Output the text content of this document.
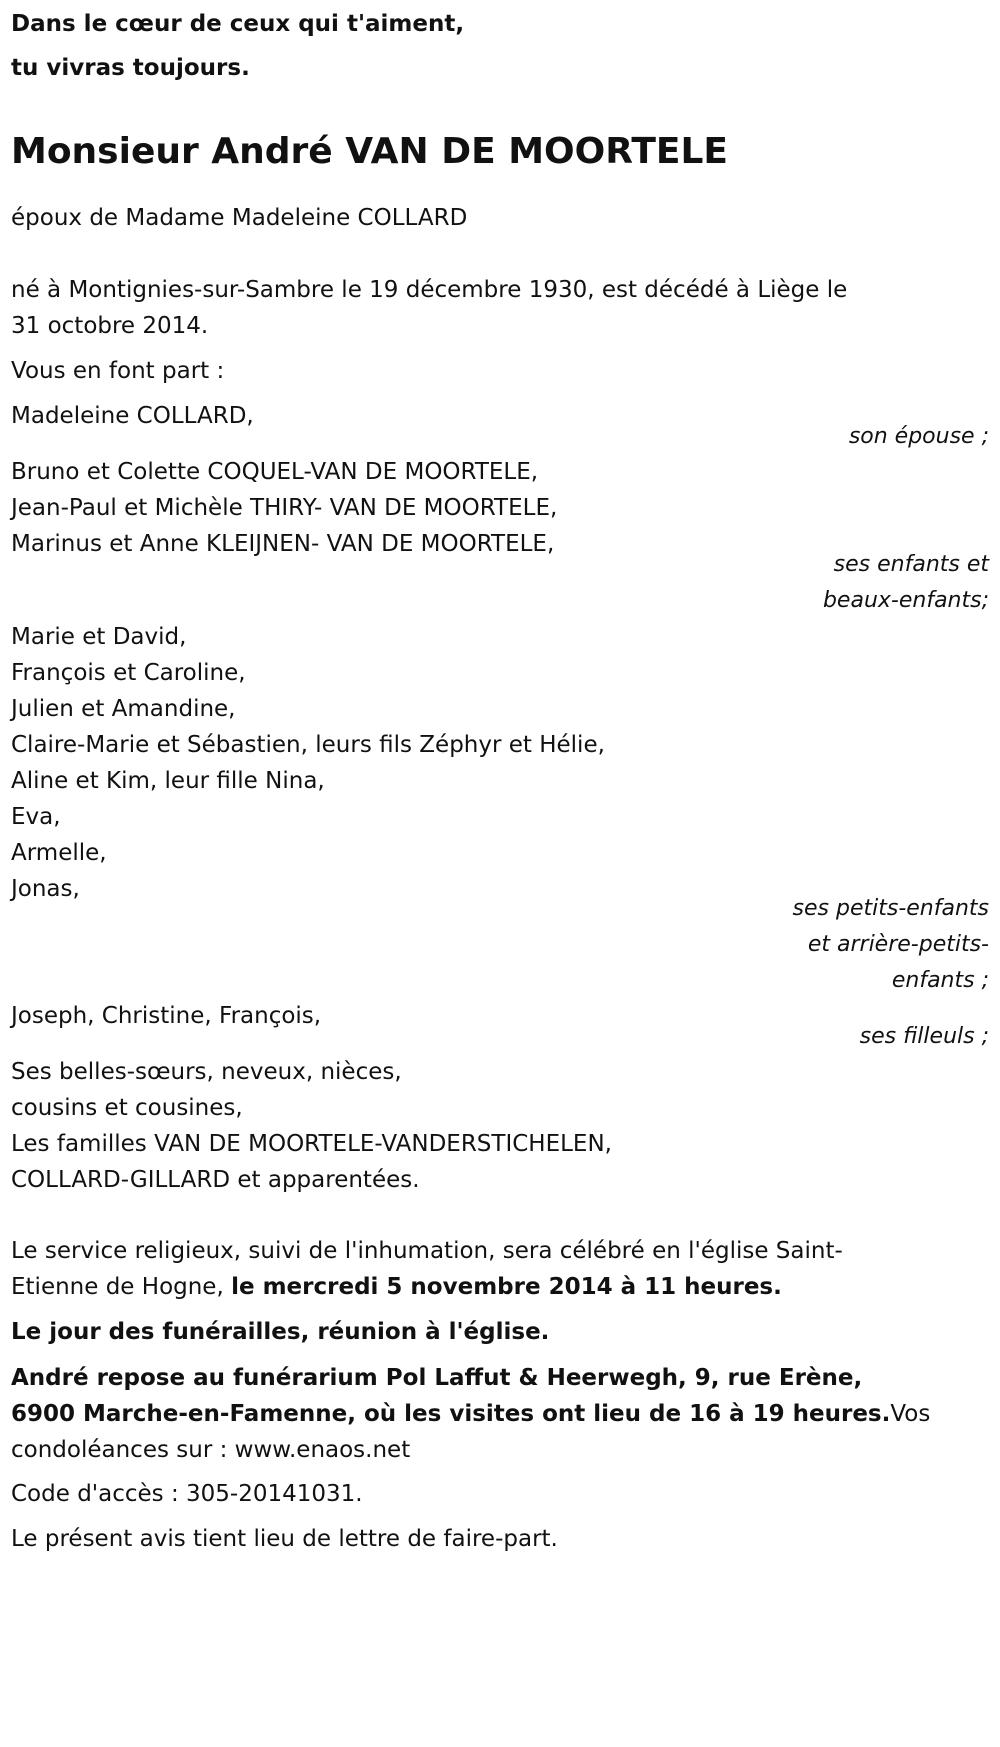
Dans le cœur de ceux qui t'aiment,

tu vivras toujours.

Monsieur André VAN DE MOORTELE

époux de Madame Madeleine COLLARD

né à Montignies-sur-Sambre le 19 décembre 1930, est décédé à Liège le

31 octobre 2014.

Vous en font part :

Madeleine COLLARD,

son épouse ;

Bruno et Colette COQUEL-VAN DE MOORTELE,

Jean-Paul et Michèle THIRY- VAN DE MOORTELE,

Marinus et Anne KLEIJNEN- VAN DE MOORTELE,

ses enfants et
beaux-enfants;

Marie et David,

François et Caroline,

Julien et Amandine,

Claire-Marie et Sébastien, leurs fils Zéphyr et Hélie,

Aline et Kim, leur fille Nina,

Eva,

Armelle,

Jonas,

ses petits-enfants
et arrière-petits-
enfants ;

Joseph, Christine, François,

ses filleuls ;

Ses belles-sœurs, neveux, nièces,

cousins et cousines,

Les familles VAN DE MOORTELE-VANDERSTICHELEN,

COLLARD-GILLARD et apparentées.

Le service religieux, suivi de l'inhumation, sera célébré en l'église Saint-

Etienne de Hogne, le mercredi 5 novembre 2014 à 11 heures.

Le jour des funérailles, réunion à l'église.

André repose au funérarium Pol Laffut & Heerwegh, 9, rue Erène,

6900 Marche-en-Famenne, où les visites ont lieu de 16 à 19 heures.Vos

condoléances sur : www.enaos.net

Code d'accès : 305-20141031.

Le présent avis tient lieu de lettre de faire-part.
